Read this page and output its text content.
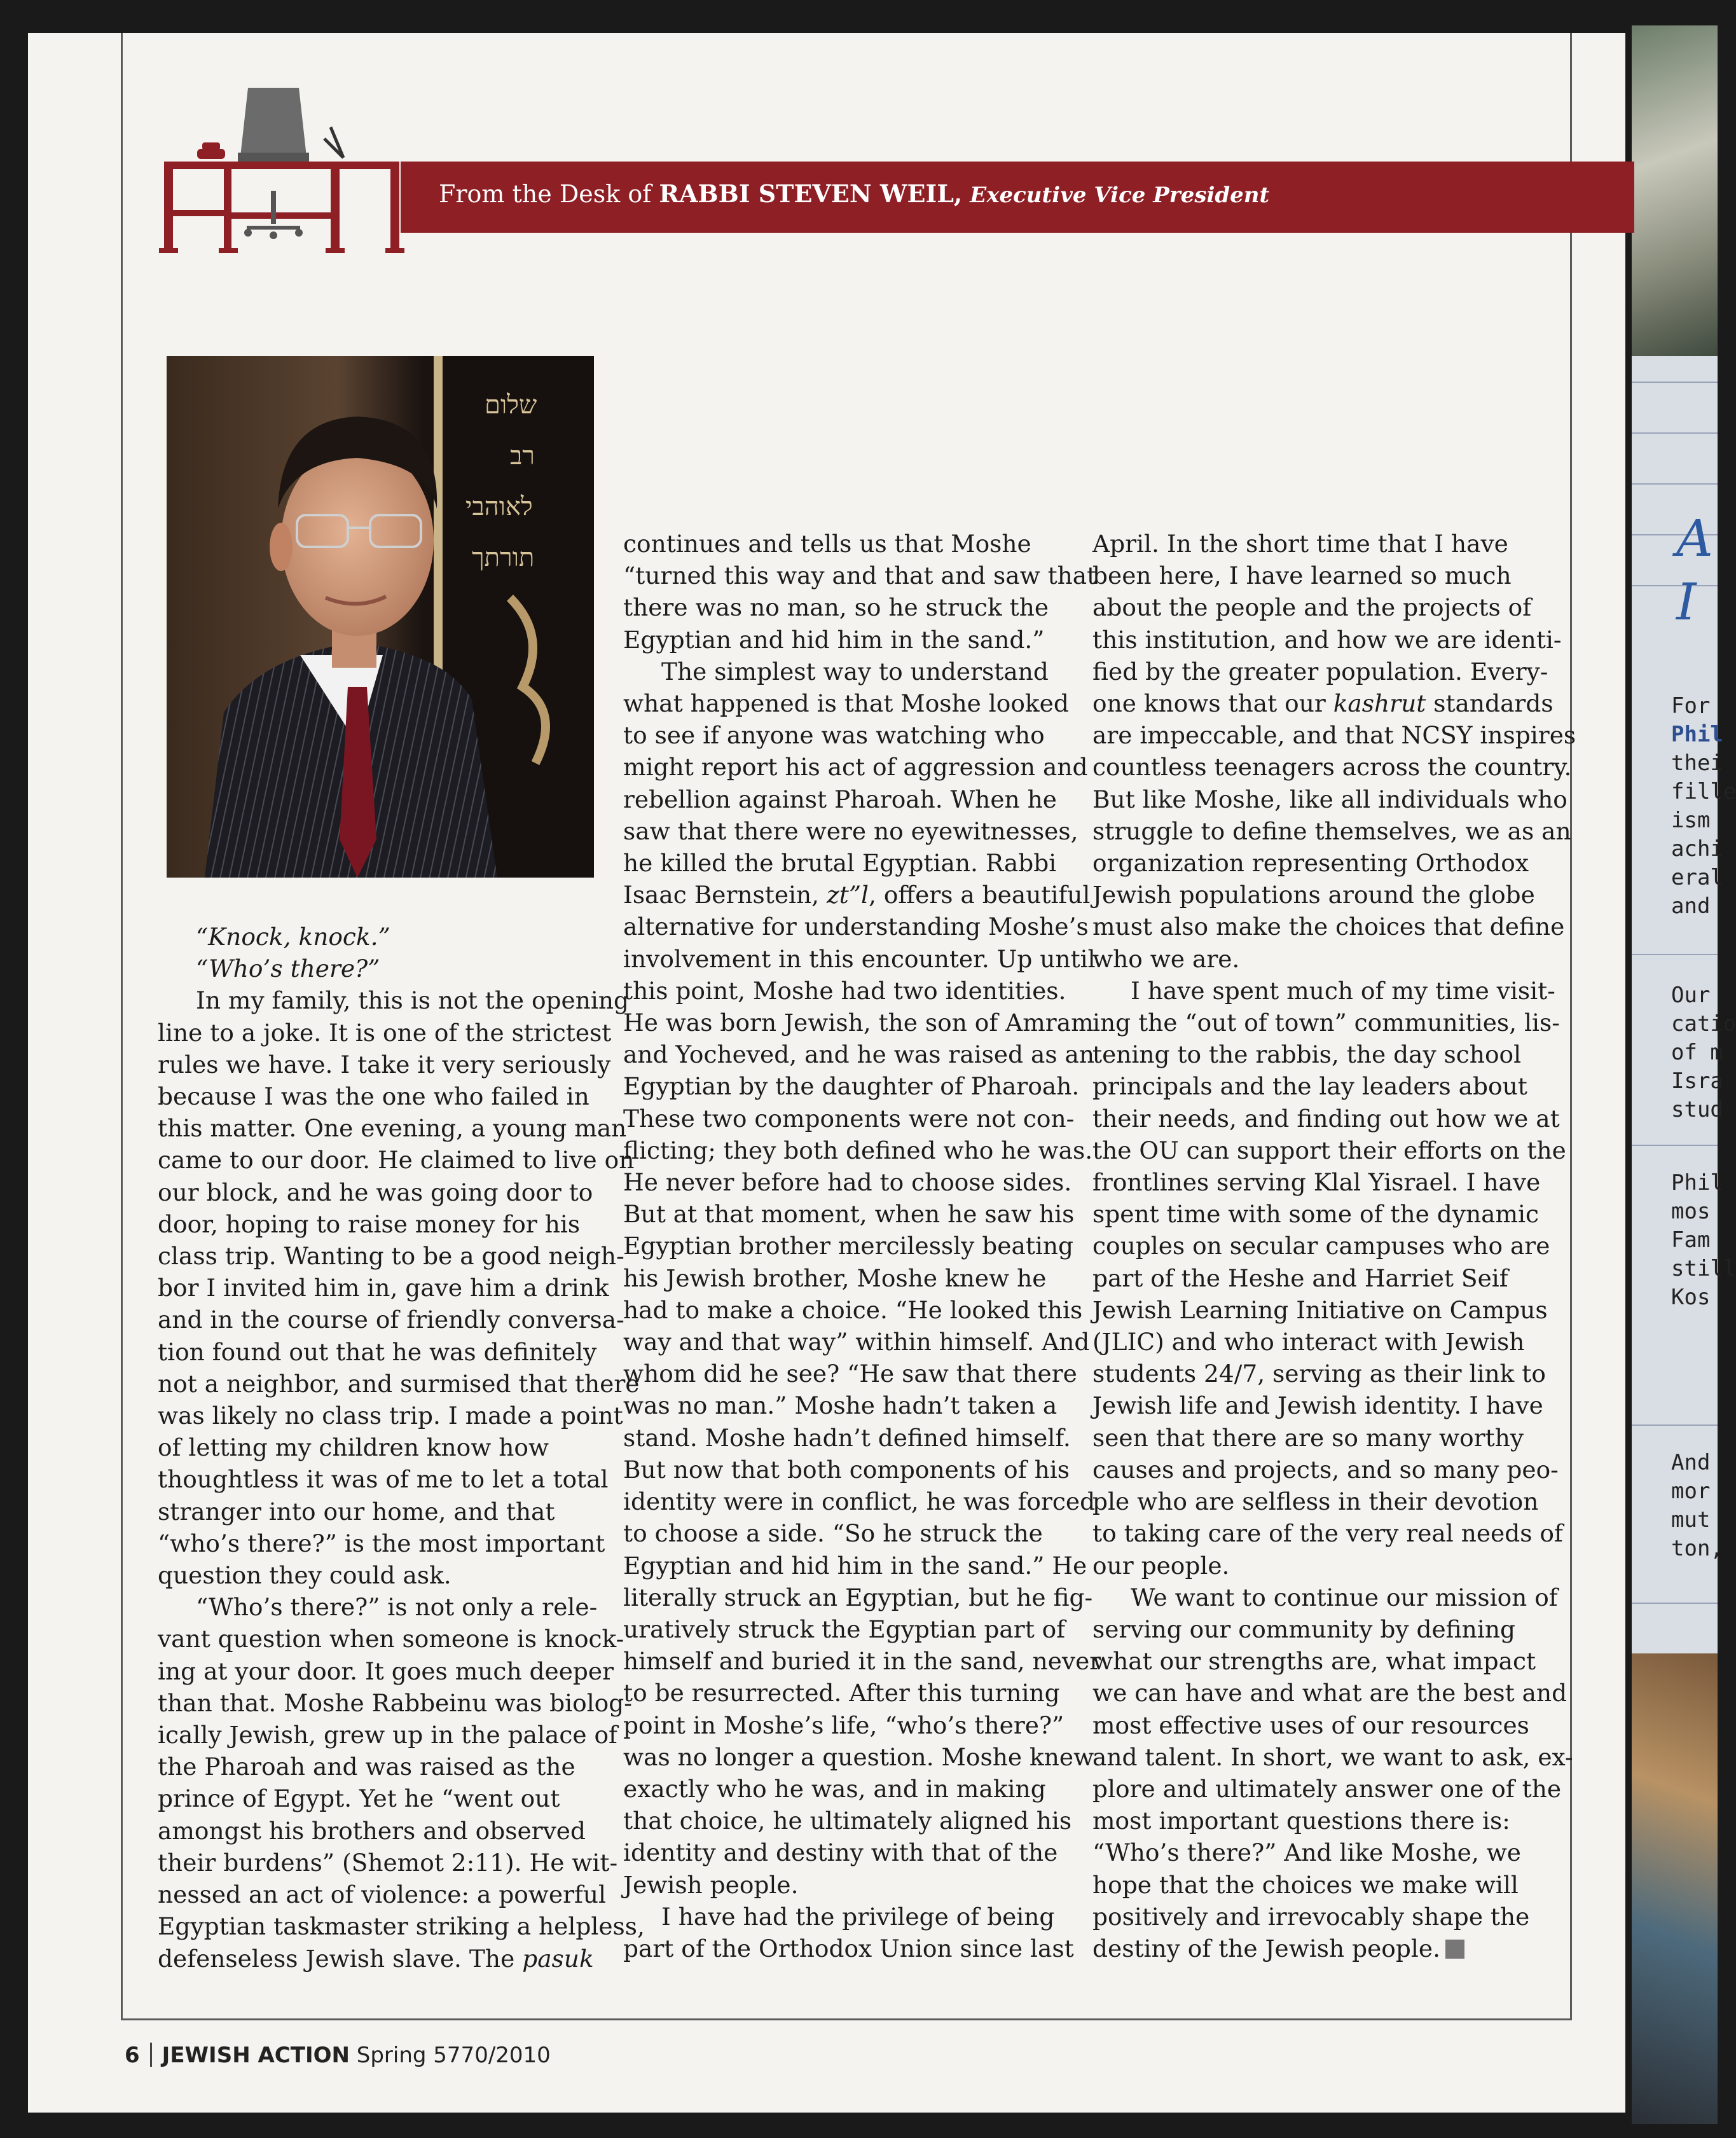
A
I
For
Phil
thei
fille
ism
achi
eral
and
Our
catio
of m
Isra
stud
Phil
mos
Fam
still
Kos
And
mor
mut
ton,
From the Desk of RABBI STEVEN WEIL, Executive Vice President
שלום
רב
לאוהבי
תורתך

“Knock, knock.”

“Who’s there?”

In my family, this is not the opening

line to a joke. It is one of the strictest

rules we have. I take it very seriously

because I was the one who failed in

this matter. One evening, a young man

came to our door. He claimed to live on

our block, and he was going door to

door, hoping to raise money for his

class trip. Wanting to be a good neigh-

bor I invited him in, gave him a drink

and in the course of friendly conversa-

tion found out that he was definitely

not a neighbor, and surmised that there

was likely no class trip. I made a point

of letting my children know how

thoughtless it was of me to let a total

stranger into our home, and that

“who’s there?” is the most important

question they could ask.

“Who’s there?” is not only a rele-

vant question when someone is knock-

ing at your door. It goes much deeper

than that. Moshe Rabbeinu was biolog-

ically Jewish, grew up in the palace of

the Pharoah and was raised as the

prince of Egypt. Yet he “went out

amongst his brothers and observed

their burdens” (Shemot 2:11). He wit-

nessed an act of violence: a powerful

Egyptian taskmaster striking a helpless,

defenseless Jewish slave. The pasuk

continues and tells us that Moshe

“turned this way and that and saw that

there was no man, so he struck the

Egyptian and hid him in the sand.”

The simplest way to understand

what happened is that Moshe looked

to see if anyone was watching who

might report his act of aggression and

rebellion against Pharoah. When he

saw that there were no eyewitnesses,

he killed the brutal Egyptian. Rabbi

Isaac Bernstein, zt”l, offers a beautiful

alternative for understanding Moshe’s

involvement in this encounter. Up until

this point, Moshe had two identities.

He was born Jewish, the son of Amram

and Yocheved, and he was raised as an

Egyptian by the daughter of Pharoah.

These two components were not con-

flicting; they both defined who he was.

He never before had to choose sides.

But at that moment, when he saw his

Egyptian brother mercilessly beating

his Jewish brother, Moshe knew he

had to make a choice. “He looked this

way and that way” within himself. And

whom did he see? “He saw that there

was no man.” Moshe hadn’t taken a

stand. Moshe hadn’t defined himself.

But now that both components of his

identity were in conflict, he was forced

to choose a side. “So he struck the

Egyptian and hid him in the sand.” He

literally struck an Egyptian, but he fig-

uratively struck the Egyptian part of

himself and buried it in the sand, never

to be resurrected. After this turning

point in Moshe’s life, “who’s there?”

was no longer a question. Moshe knew

exactly who he was, and in making

that choice, he ultimately aligned his

identity and destiny with that of the

Jewish people.

I have had the privilege of being

part of the Orthodox Union since last

April. In the short time that I have

been here, I have learned so much

about the people and the projects of

this institution, and how we are identi-

fied by the greater population. Every-

one knows that our kashrut standards

are impeccable, and that NCSY inspires

countless teenagers across the country.

But like Moshe, like all individuals who

struggle to define themselves, we as an

organization representing Orthodox

Jewish populations around the globe

must also make the choices that define

who we are.

I have spent much of my time visit-

ing the “out of town” communities, lis-

tening to the rabbis, the day school

principals and the lay leaders about

their needs, and finding out how we at

the OU can support their efforts on the

frontlines serving Klal Yisrael. I have

spent time with some of the dynamic

couples on secular campuses who are

part of the Heshe and Harriet Seif

Jewish Learning Initiative on Campus

(JLIC) and who interact with Jewish

students 24/7, serving as their link to

Jewish life and Jewish identity. I have

seen that there are so many worthy

causes and projects, and so many peo-

ple who are selfless in their devotion

to taking care of the very real needs of

our people.

We want to continue our mission of

serving our community by defining

what our strengths are, what impact

we can have and what are the best and

most effective uses of our resources

and talent. In short, we want to ask, ex-

plore and ultimately answer one of the

most important questions there is:

“Who’s there?” And like Moshe, we

hope that the choices we make will

positively and irrevocably shape the

destiny of the Jewish people.

6 JEWISH ACTION Spring 5770/2010
